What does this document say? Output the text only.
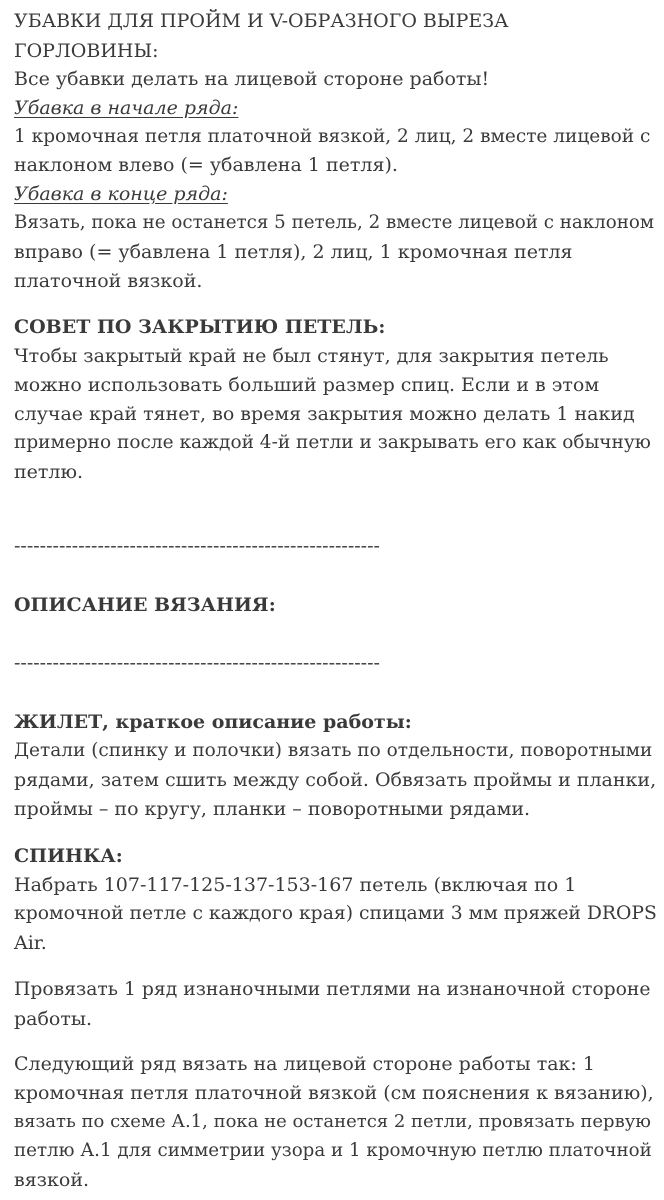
УБАВКИ ДЛЯ ПРОЙМ И V-ОБРАЗНОГО ВЫРЕЗА

ГОРЛОВИНЫ:

Все убавки делать на лицевой стороне работы!

Убавка в начале ряда:

1 кромочная петля платочной вязкой, 2 лиц, 2 вместе лицевой с

наклоном влево (= убавлена 1 петля).

Убавка в конце ряда:

Вязать, пока не останется 5 петель, 2 вместе лицевой с наклоном

вправо (= убавлена 1 петля), 2 лиц, 1 кромочная петля

платочной вязкой.

СОВЕТ ПО ЗАКРЫТИЮ ПЕТЕЛЬ:

Чтобы закрытый край не был стянут, для закрытия петель

можно использовать больший размер спиц. Если и в этом

случае край тянет, во время закрытия можно делать 1 накид

примерно после каждой 4-й петли и закрывать его как обычную

петлю.

---------------------------------------------------------

ОПИСАНИЕ ВЯЗАНИЯ:

---------------------------------------------------------

ЖИЛЕТ, краткое описание работы:

Детали (спинку и полочки) вязать по отдельности, поворотными

рядами, затем сшить между собой. Обвязать проймы и планки,

проймы – по кругу, планки – поворотными рядами.

СПИНКА:

Набрать 107-117-125-137-153-167 петель (включая по 1

кромочной петле с каждого края) спицами 3 мм пряжей DROPS

Air.

Провязать 1 ряд изнаночными петлями на изнаночной стороне

работы.

Следующий ряд вязать на лицевой стороне работы так: 1

кромочная петля платочной вязкой (см пояснения к вязанию),

вязать по схеме А.1, пока не останется 2 петли, провязать первую

петлю А.1 для симметрии узора и 1 кромочную петлю платочной

вязкой.
